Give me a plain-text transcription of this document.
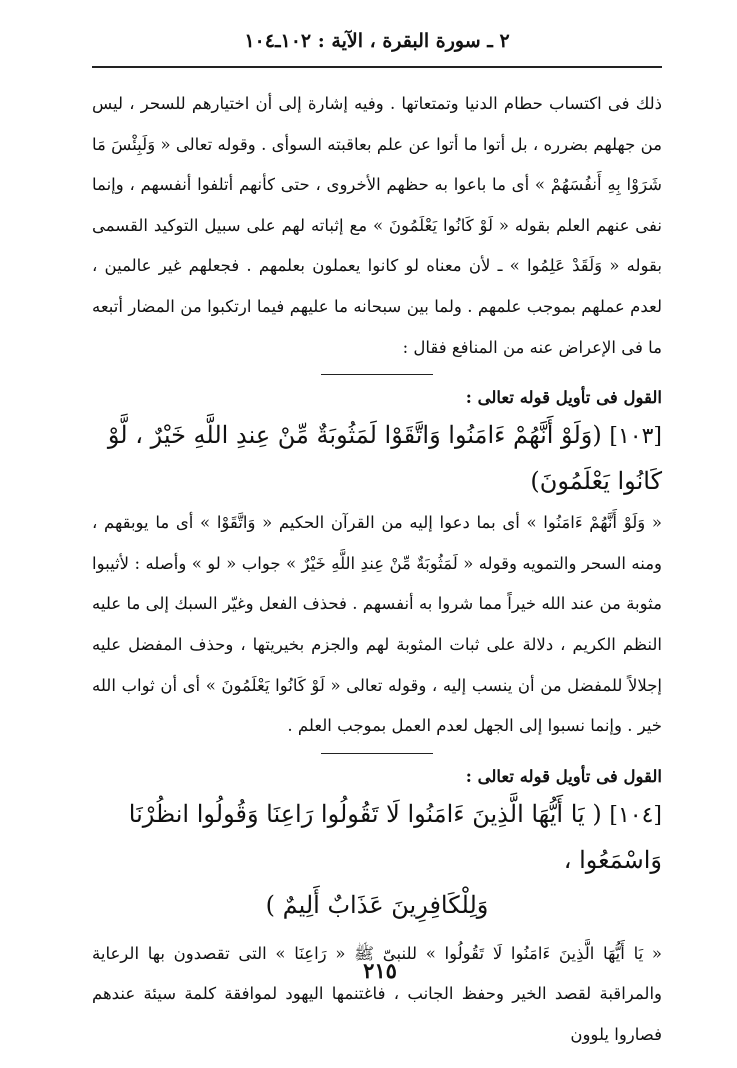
٢ ـ سورة البقرة ، الآية : ١٠٢ـ١٠٤

ذلك فى اكتساب حطام الدنيا وتمتعاتها . وفيه إشارة إلى أن اختيارهم للسحر ، ليس من جهلهم بضرره ، بل أتوا ما أتوا عن علم بعاقبته السوأى . وقوله تعالى « وَلَبِئْسَ مَا شَرَوْا بِهِ أَنفُسَهُمْ » أى ما باعوا به حظهم الأخروى ، حتى كأنهم أتلفوا أنفسهم ، وإنما نفى عنهم العلم بقوله « لَوْ كَانُوا يَعْلَمُونَ » مع إثباته لهم على سبيل التوكيد القسمى بقوله « وَلَقَدْ عَلِمُوا » ـ لأن معناه لو كانوا يعملون بعلمهم . فجعلهم غير عالمين ، لعدم عملهم بموجب علمهم . ولما بين سبحانه ما عليهم فيما ارتكبوا من المضار أتبعه ما فى الإعراض عنه من المنافع فقال :

القول فى تأويل قوله تعالى :

[١٠٣] (وَلَوْ أَنَّهُمْ ءَامَنُوا وَاتَّقَوْا لَمَثُوبَةٌ مِّنْ عِندِ اللَّهِ خَيْرٌ ، لَّوْ كَانُوا يَعْلَمُونَ)

« وَلَوْ أَنَّهُمْ ءَامَنُوا » أى بما دعوا إليه من القرآن الحكيم « وَاتَّقَوْا » أى ما يوبقهم ، ومنه السحر والتمويه وقوله « لَمَثُوبَةٌ مِّنْ عِندِ اللَّهِ خَيْرٌ » جواب « لو » وأصله : لأثيبوا مثوبة من عند الله خيراً مما شروا به أنفسهم . فحذف الفعل وغيّر السبك إلى ما عليه النظم الكريم ، دلالة على ثبات المثوبة لهم والجزم بخيريتها ، وحذف المفضل عليه إجلالاً للمفضل من أن ينسب إليه ، وقوله تعالى « لَوْ كَانُوا يَعْلَمُونَ » أى أن ثواب الله خير . وإنما نسبوا إلى الجهل لعدم العمل بموجب العلم .

القول فى تأويل قوله تعالى :

[١٠٤] ( يَا أَيُّهَا الَّذِينَ ءَامَنُوا لَا تَقُولُوا رَاعِنَا وَقُولُوا انظُرْنَا وَاسْمَعُوا ،

وَلِلْكَافِرِينَ عَذَابٌ أَلِيمٌ )

« يَا أَيُّهَا الَّذِينَ ءَامَنُوا لَا تَقُولُوا » للنبىّ ﷺ « رَاعِنَا » التى تقصدون بها الرعاية والمراقبة لقصد الخير وحفظ الجانب ، فاغتنمها اليهود لموافقة كلمة سيئة عندهم فصاروا يلوون

٢١٥
